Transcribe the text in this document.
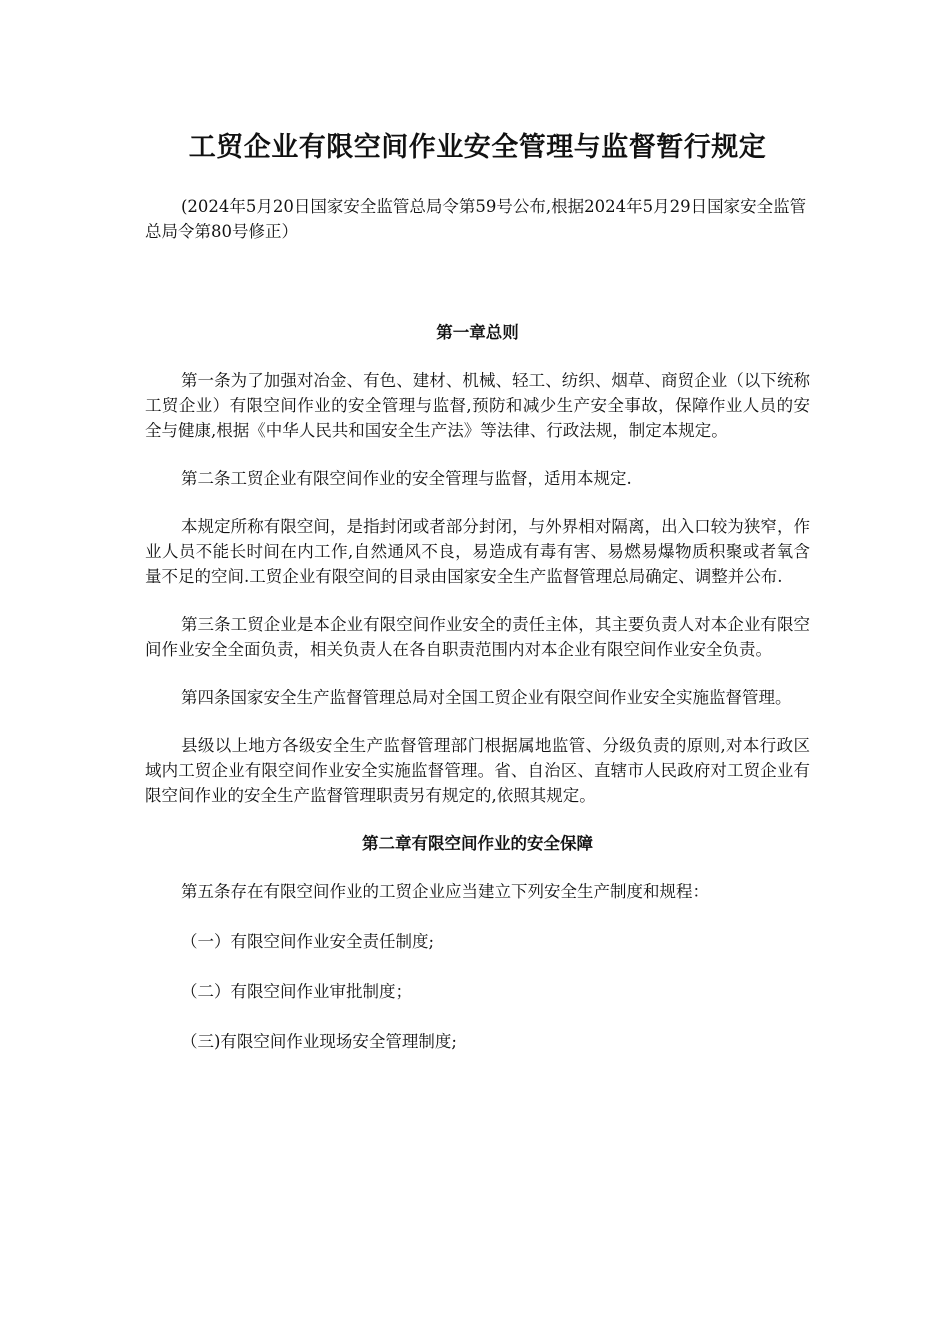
工贸企业有限空间作业安全管理与监督暂行规定

(2024年5月20日国家安全监管总局令第59号公布,根据2024年5月29日国家安全监管总局令第80号修正）

第一章总则

第一条为了加强对冶金、有色、建材、机械、轻工、纺织、烟草、商贸企业（以下统称工贸企业）有限空间作业的安全管理与监督,预防和减少生产安全事故，保障作业人员的安全与健康,根据《中华人民共和国安全生产法》等法律、行政法规，制定本规定。

第二条工贸企业有限空间作业的安全管理与监督，适用本规定.

本规定所称有限空间，是指封闭或者部分封闭，与外界相对隔离，出入口较为狭窄，作业人员不能长时间在内工作,自然通风不良，易造成有毒有害、易燃易爆物质积聚或者氧含量不足的空间.工贸企业有限空间的目录由国家安全生产监督管理总局确定、调整并公布.

第三条工贸企业是本企业有限空间作业安全的责任主体，其主要负责人对本企业有限空间作业安全全面负责，相关负责人在各自职责范围内对本企业有限空间作业安全负责。

第四条国家安全生产监督管理总局对全国工贸企业有限空间作业安全实施监督管理。

县级以上地方各级安全生产监督管理部门根据属地监管、分级负责的原则,对本行政区域内工贸企业有限空间作业安全实施监督管理。省、自治区、直辖市人民政府对工贸企业有限空间作业的安全生产监督管理职责另有规定的,依照其规定。

第二章有限空间作业的安全保障

第五条存在有限空间作业的工贸企业应当建立下列安全生产制度和规程：

（一）有限空间作业安全责任制度;

（二）有限空间作业审批制度；

（三)有限空间作业现场安全管理制度;
